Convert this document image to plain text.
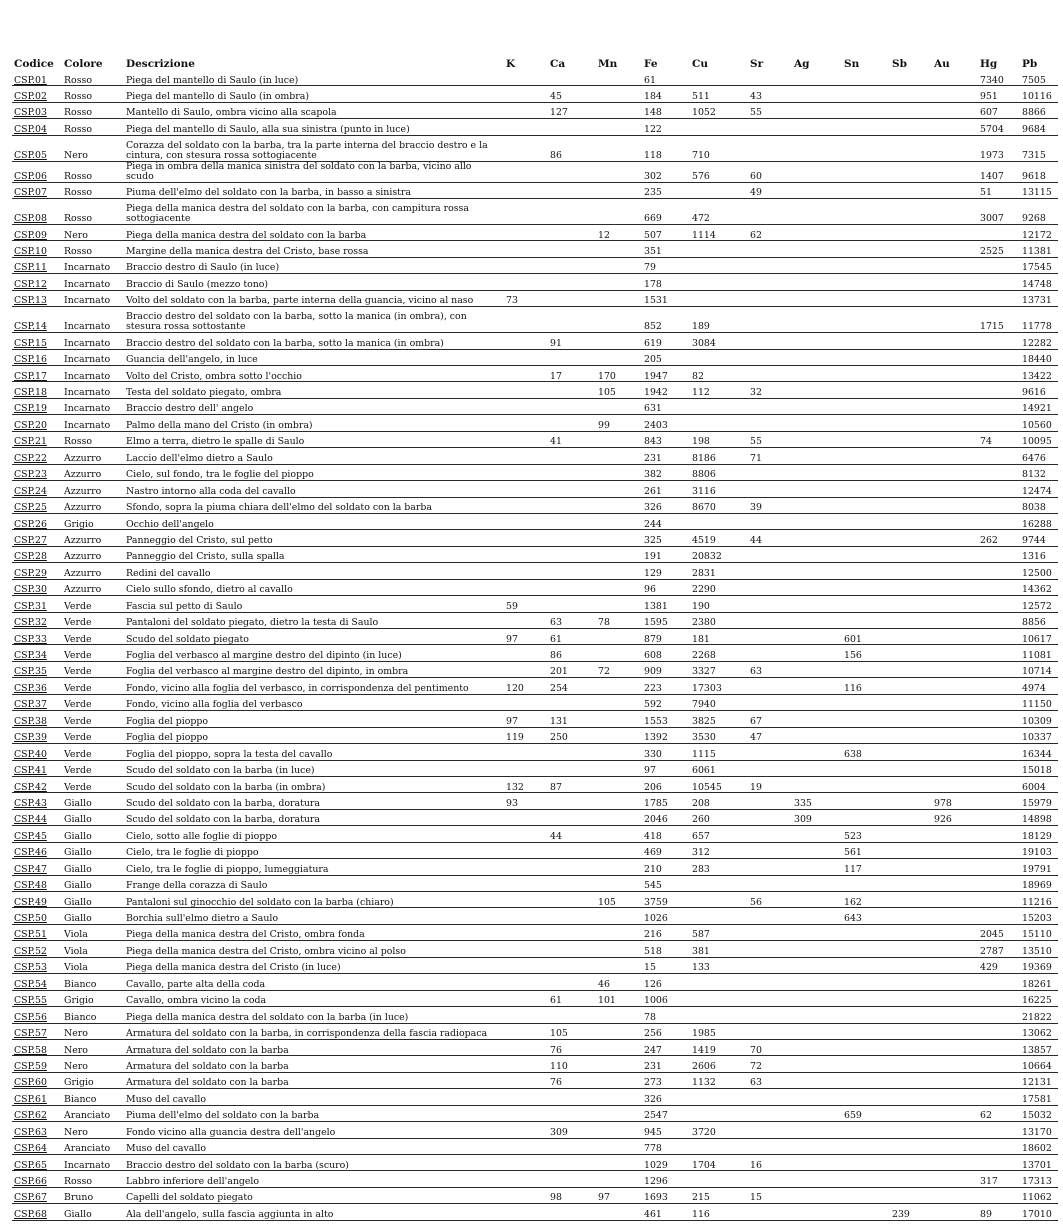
Codice	Colore	Descrizione	K	Ca	Mn	Fe	Cu	Sr	Ag	Sn	Sb	Au	Hg	Pb
CSP.01	Rosso	Piega del mantello di Saulo (in luce)				61							7340	7505
CSP.02	Rosso	Piega del mantello di Saulo (in ombra)		45		184	511	43					951	10116
CSP.03	Rosso	Mantello di Saulo, ombra vicino alla scapola		127		148	1052	55					607	8866
CSP.04	Rosso	Piega del mantello di Saulo, alla sua sinistra (punto in luce)				122							5704	9684
CSP.05	Nero	Corazza del soldato con la barba, tra la parte interna del braccio destro e la cintura, con stesura rossa sottogiacente		86		118	710						1973	7315
CSP.06	Rosso	Piega in ombra della manica sinistra del soldato con la barba, vicino allo scudo				302	576	60					1407	9618
CSP.07	Rosso	Piuma dell'elmo del soldato con la barba, in basso a sinistra				235		49					51	13115
CSP.08	Rosso	Piega della manica destra del soldato con la barba, con campitura rossa sottogiacente				669	472						3007	9268
CSP.09	Nero	Piega della manica destra del soldato con la barba			12	507	1114	62						12172
CSP.10	Rosso	Margine della manica destra del Cristo, base rossa				351							2525	11381
CSP.11	Incarnato	Braccio destro di Saulo (in luce)				79								17545
CSP.12	Incarnato	Braccio di Saulo (mezzo tono)				178								14748
CSP.13	Incarnato	Volto del soldato con la barba, parte interna della guancia, vicino al naso	73			1531								13731
CSP.14	Incarnato	Braccio destro del soldato con la barba, sotto la manica (in ombra), con stesura rossa sottostante				852	189						1715	11778
CSP.15	Incarnato	Braccio destro del soldato con la barba, sotto la manica (in ombra)		91		619	3084							12282
CSP.16	Incarnato	Guancia dell'angelo, in luce				205								18440
CSP.17	Incarnato	Volto del Cristo, ombra sotto l'occhio		17	170	1947	82							13422
CSP.18	Incarnato	Testa del soldato piegato, ombra			105	1942	112	32						9616
CSP.19	Incarnato	Braccio destro dell' angelo				631								14921
CSP.20	Incarnato	Palmo della mano del Cristo (in ombra)			99	2403								10560
CSP.21	Rosso	Elmo a terra, dietro le spalle di Saulo		41		843	198	55					74	10095
CSP.22	Azzurro	Laccio dell'elmo dietro a Saulo				231	8186	71						6476
CSP.23	Azzurro	Cielo, sul fondo, tra le foglie del pioppo				382	8806							8132
CSP.24	Azzurro	Nastro intorno alla coda del cavallo				261	3116							12474
CSP.25	Azzurro	Sfondo, sopra la piuma chiara dell'elmo del soldato con la barba				326	8670	39						8038
CSP.26	Grigio	Occhio dell'angelo				244								16288
CSP.27	Azzurro	Panneggio del Cristo, sul petto				325	4519	44					262	9744
CSP.28	Azzurro	Panneggio del Cristo, sulla spalla				191	20832							1316
CSP.29	Azzurro	Redini del cavallo				129	2831							12500
CSP.30	Azzurro	Cielo sullo sfondo, dietro al cavallo				96	2290							14362
CSP.31	Verde	Fascia sul petto di Saulo	59			1381	190							12572
CSP.32	Verde	Pantaloni del soldato piegato, dietro la testa di Saulo		63	78	1595	2380							8856
CSP.33	Verde	Scudo del soldato piegato	97	61		879	181			601				10617
CSP.34	Verde	Foglia del verbasco al margine destro del dipinto (in luce)		86		608	2268			156				11081
CSP.35	Verde	Foglia del verbasco al margine destro del dipinto, in ombra		201	72	909	3327	63						10714
CSP.36	Verde	Fondo, vicino alla foglia del verbasco, in corrispondenza del pentimento	120	254		223	17303			116				4974
CSP.37	Verde	Fondo, vicino alla foglia del verbasco				592	7940							11150
CSP.38	Verde	Foglia del pioppo	97	131		1553	3825	67						10309
CSP.39	Verde	Foglia del pioppo	119	250		1392	3530	47						10337
CSP.40	Verde	Foglia del pioppo, sopra la testa del cavallo				330	1115			638				16344
CSP.41	Verde	Scudo del soldato con la barba (in luce)				97	6061							15018
CSP.42	Verde	Scudo del soldato con la barba (in ombra)	132	87		206	10545	19						6004
CSP.43	Giallo	Scudo del soldato con la barba, doratura	93			1785	208		335			978		15979
CSP.44	Giallo	Scudo del soldato con la barba, doratura				2046	260		309			926		14898
CSP.45	Giallo	Cielo, sotto alle foglie di pioppo		44		418	657			523				18129
CSP.46	Giallo	Cielo, tra le foglie di pioppo				469	312			561				19103
CSP.47	Giallo	Cielo, tra le foglie di pioppo, lumeggiatura				210	283			117				19791
CSP.48	Giallo	Frange della corazza di Saulo				545								18969
CSP.49	Giallo	Pantaloni sul ginocchio del soldato con la barba (chiaro)			105	3759		56		162				11216
CSP.50	Giallo	Borchia sull'elmo dietro a Saulo				1026				643				15203
CSP.51	Viola	Piega della manica destra del Cristo, ombra fonda				216	587						2045	15110
CSP.52	Viola	Piega della manica destra del Cristo, ombra vicino al polso				518	381						2787	13510
CSP.53	Viola	Piega della manica destra del Cristo (in luce)				15	133						429	19369
CSP.54	Bianco	Cavallo, parte alta della coda			46	126								18261
CSP.55	Grigio	Cavallo, ombra vicino la coda		61	101	1006								16225
CSP.56	Bianco	Piega della manica destra del soldato con la barba (in luce)				78								21822
CSP.57	Nero	Armatura del soldato con la barba, in corrispondenza della fascia radiopaca		105		256	1985							13062
CSP.58	Nero	Armatura del soldato con la barba		76		247	1419	70						13857
CSP.59	Nero	Armatura del soldato con la barba		110		231	2606	72						10664
CSP.60	Grigio	Armatura del soldato con la barba		76		273	1132	63						12131
CSP.61	Bianco	Muso del cavallo				326								17581
CSP.62	Aranciato	Piuma dell'elmo del soldato con la barba				2547				659			62	15032
CSP.63	Nero	Fondo vicino alla guancia destra dell'angelo		309		945	3720							13170
CSP.64	Aranciato	Muso del cavallo				778								18602
CSP.65	Incarnato	Braccio destro del soldato con la barba (scuro)				1029	1704	16						13701
CSP.66	Rosso	Labbro inferiore dell'angelo				1296							317	17313
CSP.67	Bruno	Capelli del soldato piegato		98	97	1693	215	15						11062
CSP.68	Giallo	Ala dell'angelo, sulla fascia aggiunta in alto				461	116				239		89	17010
